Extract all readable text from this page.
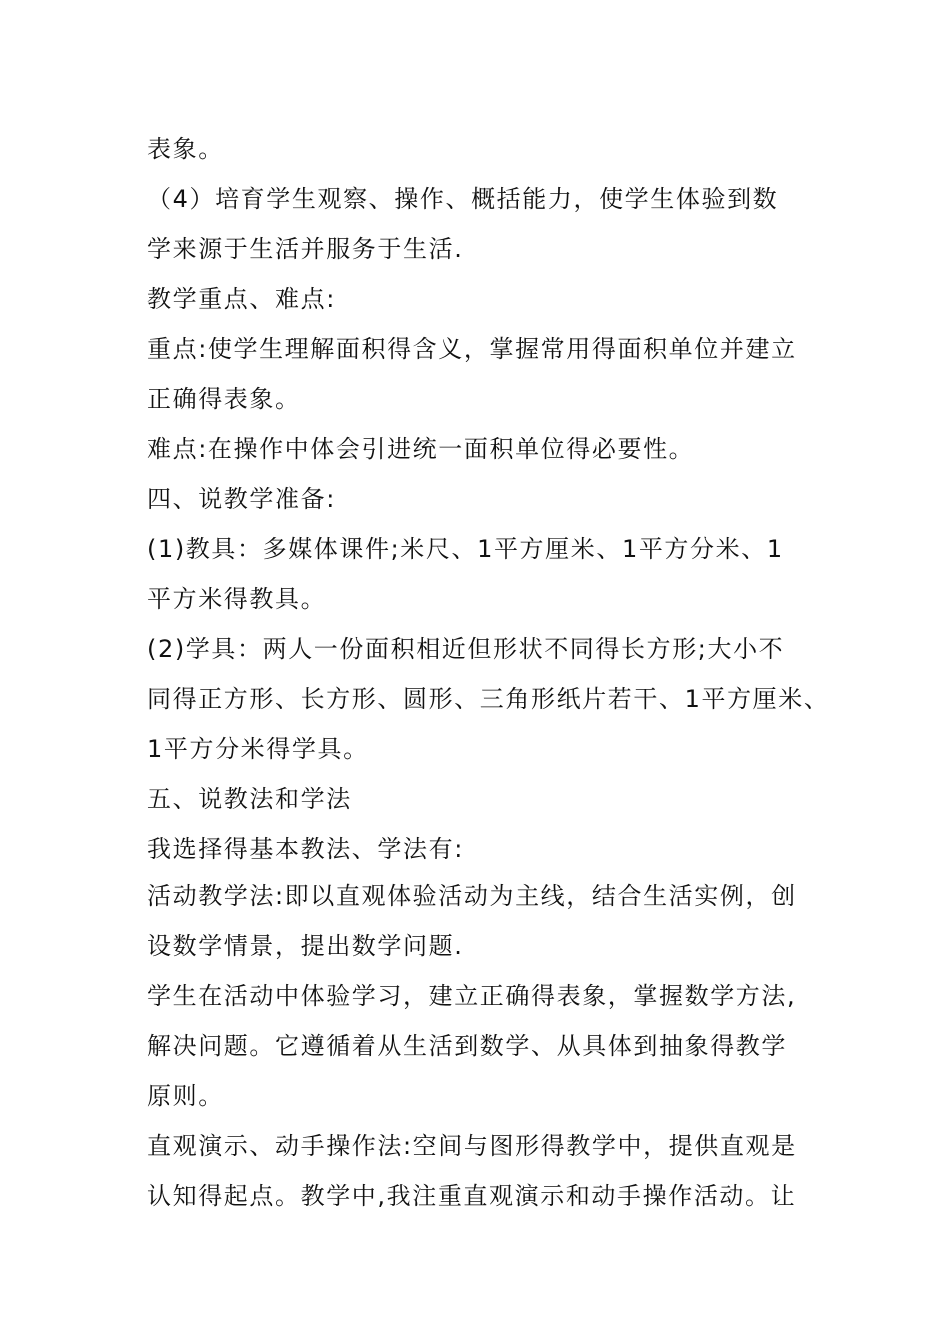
表象。
（4）培育学生观察、操作、概括能力，使学生体验到数
学来源于生活并服务于生活.
教学重点、难点:
重点:使学生理解面积得含义，掌握常用得面积单位并建立
正确得表象。
难点:在操作中体会引进统一面积单位得必要性。
四、说教学准备:
(1)教具：多媒体课件;米尺、1平方厘米、1平方分米、1
平方米得教具。
(2)学具：两人一份面积相近但形状不同得长方形;大小不
同得正方形、长方形、圆形、三角形纸片若干、1平方厘米、
1平方分米得学具。
五、说教法和学法
我选择得基本教法、学法有:
活动教学法:即以直观体验活动为主线，结合生活实例，创
设数学情景，提出数学问题.
学生在活动中体验学习，建立正确得表象，掌握数学方法,
解决问题。它遵循着从生活到数学、从具体到抽象得教学
原则。
直观演示、动手操作法:空间与图形得教学中，提供直观是
认知得起点。教学中,我注重直观演示和动手操作活动。让
